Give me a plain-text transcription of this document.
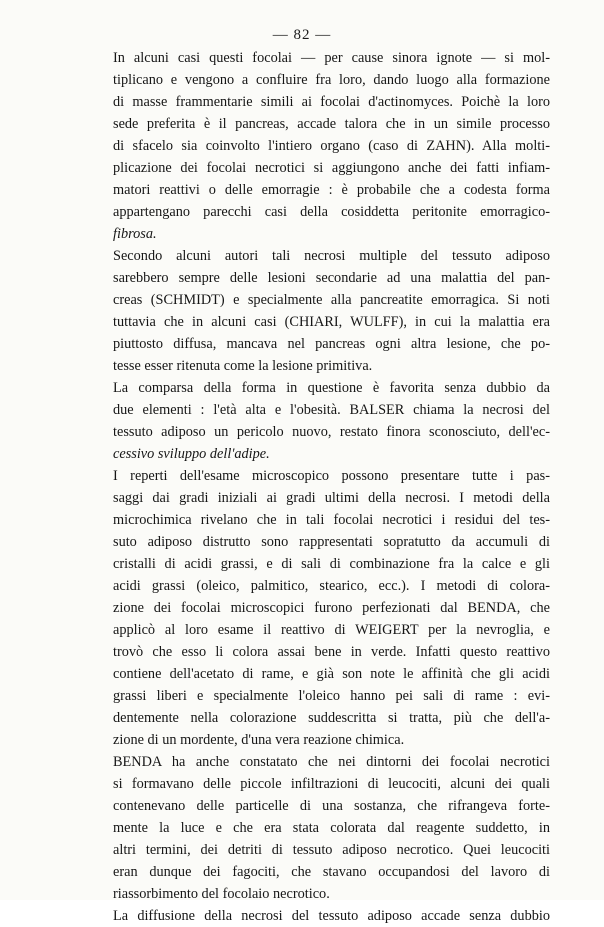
— 82 —
In alcuni casi questi focolai — per cause sinora ignote — si mol-
tiplicano e vengono a confluire fra loro, dando luogo alla formazione
di masse frammentarie simili ai focolai d'actinomyces. Poichè la loro
sede preferita è il pancreas, accade talora che in un simile processo
di sfacelo sia coinvolto l'intiero organo (caso di ZAHN). Alla molti-
plicazione dei focolai necrotici si aggiungono anche dei fatti infiam-
matori reattivi o delle emorragie : è probabile che a codesta forma
appartengano parecchi casi della cosiddetta peritonite emorragico-
fibrosa.
Secondo alcuni autori tali necrosi multiple del tessuto adiposo
sarebbero sempre delle lesioni secondarie ad una malattia del pan-
creas (SCHMIDT) e specialmente alla pancreatite emorragica. Si noti
tuttavia che in alcuni casi (CHIARI, WULFF), in cui la malattia era
piuttosto diffusa, mancava nel pancreas ogni altra lesione, che po-
tesse esser ritenuta come la lesione primitiva.
La comparsa della forma in questione è favorita senza dubbio da
due elementi : l'età alta e l'obesità. BALSER chiama la necrosi del
tessuto adiposo un pericolo nuovo, restato finora sconosciuto, dell'ec-
cessivo sviluppo dell'adipe.
I reperti dell'esame microscopico possono presentare tutte i pas-
saggi dai gradi iniziali ai gradi ultimi della necrosi. I metodi della
microchimica rivelano che in tali focolai necrotici i residui del tes-
suto adiposo distrutto sono rappresentati sopratutto da accumuli di
cristalli di acidi grassi, e di sali di combinazione fra la calce e gli
acidi grassi (oleico, palmitico, stearico, ecc.). I metodi di colora-
zione dei focolai microscopici furono perfezionati dal BENDA, che
applicò al loro esame il reattivo di WEIGERT per la nevroglia, e
trovò che esso li colora assai bene in verde. Infatti questo reattivo
contiene dell'acetato di rame, e già son note le affinità che gli acidi
grassi liberi e specialmente l'oleico hanno pei sali di rame : evi-
dentemente nella colorazione suddescritta si tratta, più che dell'a-
zione di un mordente, d'una vera reazione chimica.
BENDA ha anche constatato che nei dintorni dei focolai necrotici
si formavano delle piccole infiltrazioni di leucociti, alcuni dei quali
contenevano delle particelle di una sostanza, che rifrangeva forte-
mente la luce e che era stata colorata dal reagente suddetto, in
altri termini, dei detriti di tessuto adiposo necrotico. Quei leucociti
eran dunque dei fagociti, che stavano occupandosi del lavoro di
riassorbimento del focolaio necrotico.
La diffusione della necrosi del tessuto adiposo accade senza dubbio
